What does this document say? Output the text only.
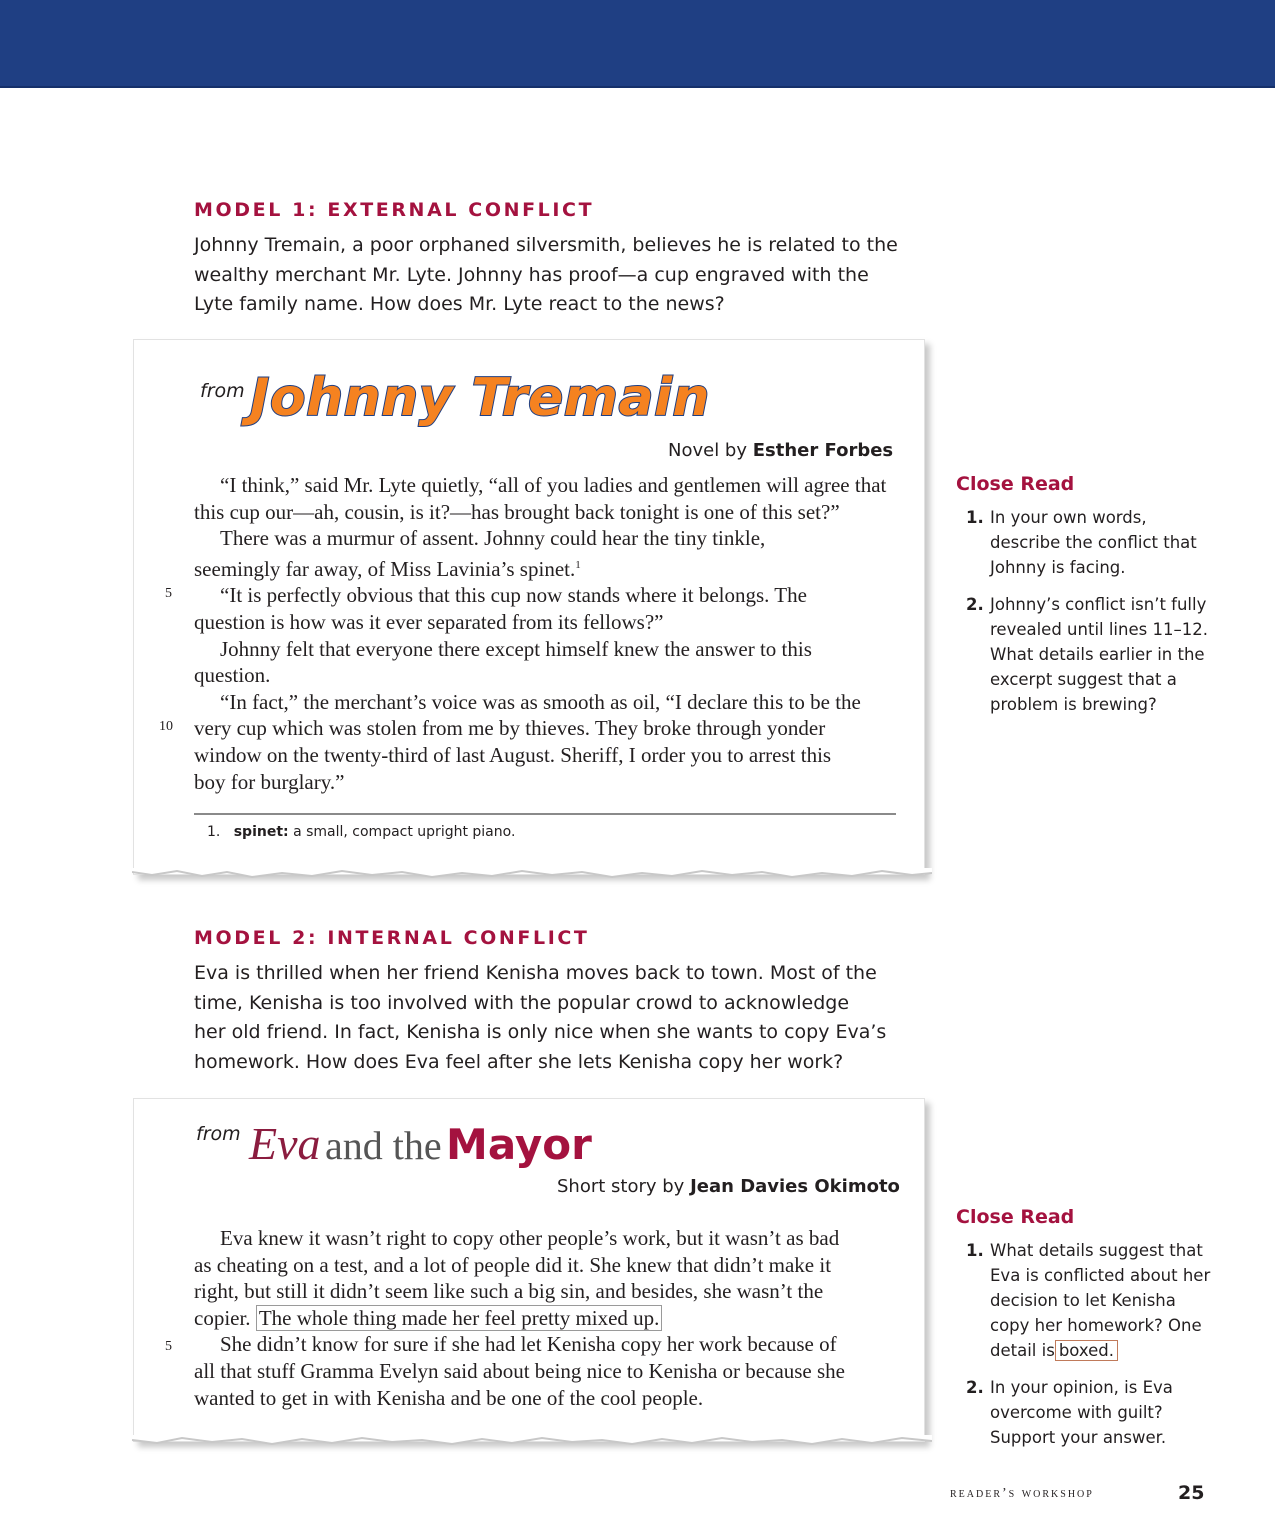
MODEL 1: EXTERNAL CONFLICT
Johnny Tremain, a poor orphaned silversmith, believes he is related to the
wealthy merchant Mr. Lyte. Johnny has proof—a cup engraved with the
Lyte family name. How does Mr. Lyte react to the news?
from Johnny Tremain
Novel by Esther Forbes

“I think,” said Mr. Lyte quietly, “all of you ladies and gentlemen will agree that

this cup our—ah, cousin, is it?—has brought back tonight is one of this set?”

There was a murmur of assent. Johnny could hear the tiny tinkle,

seemingly far away, of Miss Lavinia’s spinet.$^1$

“It is perfectly obvious that this cup now stands where it belongs. The

question is how was it ever separated from its fellows?”

Johnny felt that everyone there except himself knew the answer to this

question.

“In fact,” the merchant’s voice was as smooth as oil, “I declare this to be the

very cup which was stolen from me by thieves. They broke through yonder
window on the twenty-third of last August. Sheriff, I order you to arrest this
boy for burglary.”
5
10
1. spinet: a small, compact upright piano.
Close Read
1. In your own words, describe the conflict that Johnny is facing.
2. Johnny’s conflict isn’t fully revealed until lines 11–12. What details earlier in the excerpt suggest that a problem is brewing?
MODEL 2: INTERNAL CONFLICT
Eva is thrilled when her friend Kenisha moves back to town. Most of the
time, Kenisha is too involved with the popular crowd to acknowledge
her old friend. In fact, Kenisha is only nice when she wants to copy Eva’s
homework. How does Eva feel after she lets Kenisha copy her work?
from Eva and the Mayor
Short story by Jean Davies Okimoto

Eva knew it wasn’t right to copy other people’s work, but it wasn’t as bad

as cheating on a test, and a lot of people did it. She knew that didn’t make it
right, but still it didn’t seem like such a big sin, and besides, she wasn’t the
copier. The whole thing made her feel pretty mixed up.

She didn’t know for sure if she had let Kenisha copy her work because of

all that stuff Gramma Evelyn said about being nice to Kenisha or because she
wanted to get in with Kenisha and be one of the cool people.
5
Close Read
1. What details suggest that Eva is conflicted about her decision to let Kenisha copy her homework? One detail is boxed.
2. In your opinion, is Eva overcome with guilt? Support your answer.
reader’s workshop	25
